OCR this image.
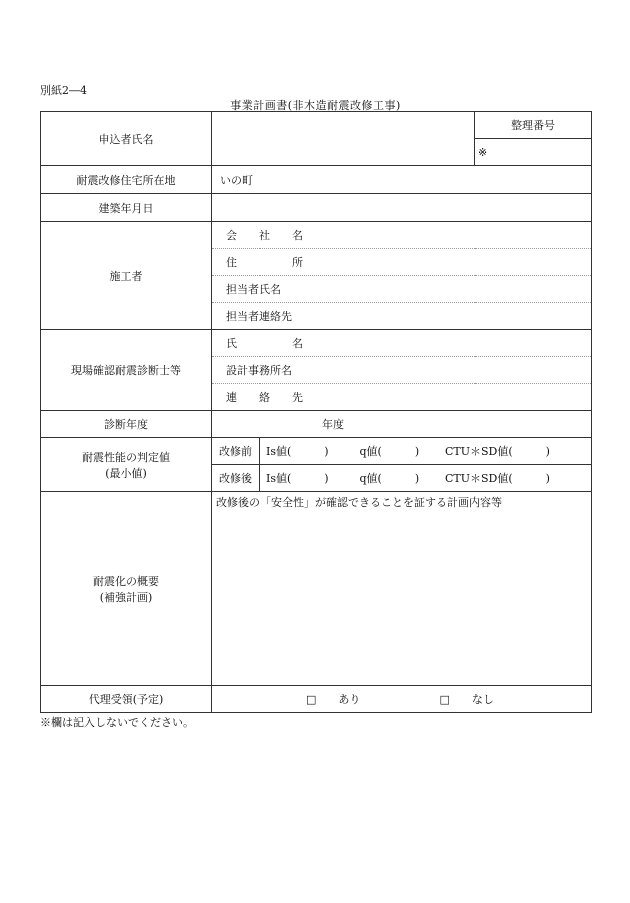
別紙2―4
事業計画書(非木造耐震改修工事)
申込者氏名			整理番号
			※
耐震改修住宅所在地	いの町		
建築年月日			
施工者	会　　社　　名		
	住　　　　　所		
	担当者氏名		
	担当者連絡先		
現場確認耐震診断士等	氏　　　　　名		
	設計事務所名		
	連　　絡　　先		
診断年度	年度		

耐震性能の判定値
(最小値)	改修前	Is値(　　　) q値(　　　) CTU＊SD値(　　　)	
	改修後	Is値(　　　) q値(　　　) CTU＊SD値(　　　)	

耐震化の概要
(補強計画)	改修後の「安全性」が確認できることを証する計画内容等		

代理受領(予定)	□　　あり □　　なし		
※欄は記入しないでください。
